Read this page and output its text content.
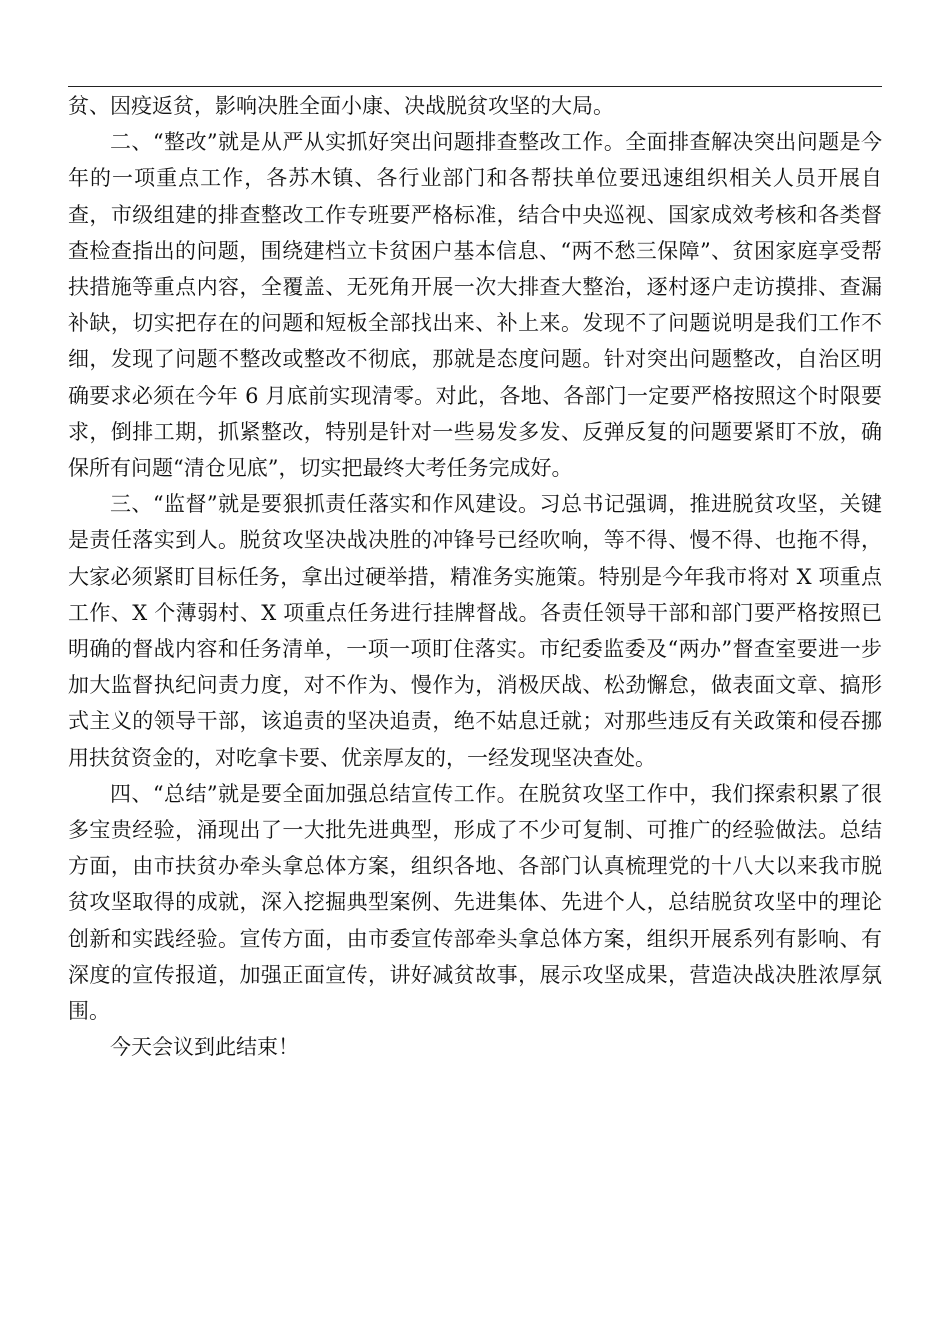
贫、因疫返贫，影响决胜全面小康、决战脱贫攻坚的大局。

二、“整改”就是从严从实抓好突出问题排查整改工作。全面排查解决突出问题是今年的一项重点工作，各苏木镇、各行业部门和各帮扶单位要迅速组织相关人员开展自查，市级组建的排查整改工作专班要严格标准，结合中央巡视、国家成效考核和各类督查检查指出的问题，围绕建档立卡贫困户基本信息、“两不愁三保障”、贫困家庭享受帮扶措施等重点内容，全覆盖、无死角开展一次大排查大整治，逐村逐户走访摸排、查漏补缺，切实把存在的问题和短板全部找出来、补上来。发现不了问题说明是我们工作不细，发现了问题不整改或整改不彻底，那就是态度问题。针对突出问题整改，自治区明确要求必须在今年 6 月底前实现清零。对此，各地、各部门一定要严格按照这个时限要求，倒排工期，抓紧整改，特别是针对一些易发多发、反弹反复的问题要紧盯不放，确保所有问题“清仓见底”，切实把最终大考任务完成好。

三、“监督”就是要狠抓责任落实和作风建设。习总书记强调，推进脱贫攻坚，关键是责任落实到人。脱贫攻坚决战决胜的冲锋号已经吹响，等不得、慢不得、也拖不得，大家必须紧盯目标任务，拿出过硬举措，精准务实施策。特别是今年我市将对 X 项重点工作、X 个薄弱村、X 项重点任务进行挂牌督战。各责任领导干部和部门要严格按照已明确的督战内容和任务清单，一项一项盯住落实。市纪委监委及“两办”督查室要进一步加大监督执纪问责力度，对不作为、慢作为，消极厌战、松劲懈怠，做表面文章、搞形式主义的领导干部，该追责的坚决追责，绝不姑息迁就；对那些违反有关政策和侵吞挪用扶贫资金的，对吃拿卡要、优亲厚友的，一经发现坚决查处。

四、“总结”就是要全面加强总结宣传工作。在脱贫攻坚工作中，我们探索积累了很多宝贵经验，涌现出了一大批先进典型，形成了不少可复制、可推广的经验做法。总结方面，由市扶贫办牵头拿总体方案，组织各地、各部门认真梳理党的十八大以来我市脱贫攻坚取得的成就，深入挖掘典型案例、先进集体、先进个人，总结脱贫攻坚中的理论创新和实践经验。宣传方面，由市委宣传部牵头拿总体方案，组织开展系列有影响、有深度的宣传报道，加强正面宣传，讲好减贫故事，展示攻坚成果，营造决战决胜浓厚氛围。

今天会议到此结束！
